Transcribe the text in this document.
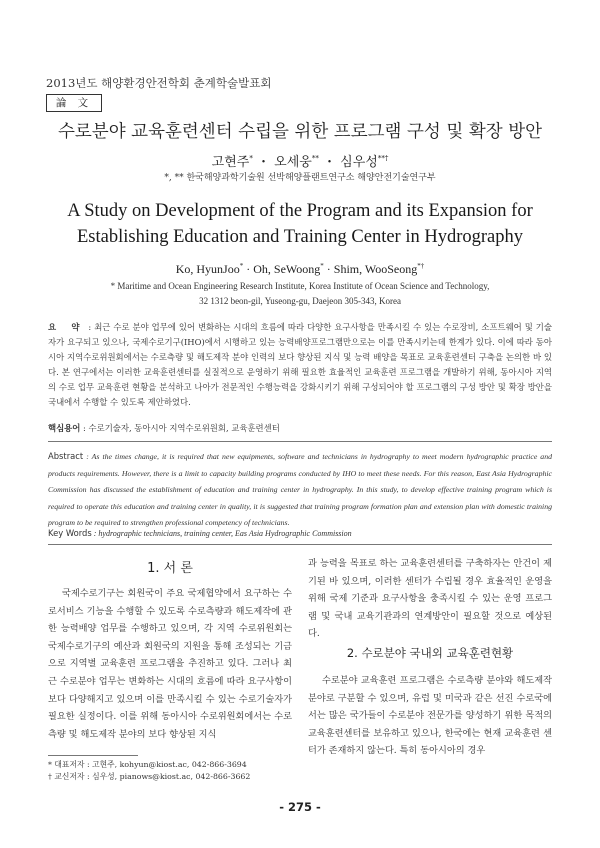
2013년도 해양환경안전학회 춘계학술발표회
論 文
수로분야 교육훈련센터 수립을 위한 프로그램 구성 및 확장 방안
고현주* ・ 오세웅** ・ 심우성**†
*, ** 한국해양과학기술원 선박해양플랜트연구소 해양안전기술연구부
A Study on Development of the Program and its Expansion for Establishing Education and Training Center in Hydrography
Ko, HyunJoo* · Oh, SeWoong* · Shim, WooSeong*†
* Maritime and Ocean Engineering Research Institute, Korea Institute of Ocean Science and Technology,
32 1312 beon-gil, Yuseong-gu, Daejeon 305-343, Korea
요 약 : 최근 수로 분야 업무에 있어 변화하는 시대의 흐름에 따라 다양한 요구사항을 만족시킬 수 있는 수로장비, 소프트웨어 및 기술자가 요구되고 있으나, 국제수로기구(IHO)에서 시행하고 있는 능력배양프로그램만으로는 이를 만족시키는데 한계가 있다. 이에 따라 동아시아 지역수로위원회에서는 수로측량 및 해도제작 분야 인력의 보다 향상된 지식 및 능력 배양을 목표로 교육훈련센터 구축을 논의한 바 있다. 본 연구에서는 이러한 교육훈련센터를 실질적으로 운영하기 위해 필요한 효율적인 교육훈련 프로그램을 개발하기 위해, 동아시아 지역의 수로 업무 교육훈련 현황을 분석하고 나아가 전문적인 수행능력을 강화시키기 위해 구성되어야 할 프로그램의 구성 방안 및 확장 방안을 국내에서 수행할 수 있도록 제안하였다.
핵심용어 : 수로기술자, 동아시아 지역수로위원회, 교육훈련센터
Abstract : As the times change, it is required that new equipments, software and technicians in hydrography to meet modern hydrographic practice and products requirements. However, there is a limit to capacity building programs conducted by IHO to meet these needs. For this reason, East Asia Hydrographic Commission has discussed the establishment of education and training center in hydrography. In this study, to develop effective training program which is required to operate this education and training center in quality, it is suggested that training program formation plan and extension plan with domestic training program to be required to strengthen professional competency of technicians.
Key Words : hydrographic technicians, training center, Eas Asia Hydrographic Commission
1. 서 론
국제수로기구는 회원국이 주요 국제협약에서 요구하는 수로서비스 기능을 수행할 수 있도록 수로측량과 해도제작에 관한 능력배양 업무를 수행하고 있으며, 각 지역 수로위원회는 국제수로기구의 예산과 회원국의 지원을 통해 조성되는 기금으로 지역별 교육훈련 프로그램을 추진하고 있다. 그러나 최근 수로분야 업무는 변화하는 시대의 흐름에 따라 요구사항이 보다 다양해지고 있으며 이를 만족시킬 수 있는 수로기술자가 필요한 실정이다. 이를 위해 동아시아 수로위원회에서는 수로측량 및 해도제작 분야의 보다 향상된 지식
과 능력을 목표로 하는 교육훈련센터를 구축하자는 안건이 제기된 바 있으며, 이러한 센터가 수립될 경우 효율적인 운영을 위해 국제 기준과 요구사항을 충족시킬 수 있는 운영 프로그램 및 국내 교육기관과의 연계방안이 필요할 것으로 예상된다.
2. 수로분야 국내외 교육훈련현황
수로분야 교육훈련 프로그램은 수로측량 분야와 해도제작 분야로 구분할 수 있으며, 유럽 및 미국과 같은 선진 수로국에서는 많은 국가들이 수로분야 전문가를 양성하기 위한 목적의 교육훈련센터를 보유하고 있으나, 한국에는 현재 교육훈련 센터가 존재하지 않는다. 특히 동아시아의 경우
* 대표저자 : 고현주, kohyun@kiost.ac, 042-866-3694
† 교신저자 : 심우성, pianows@kiost.ac, 042-866-3662
- 275 -
